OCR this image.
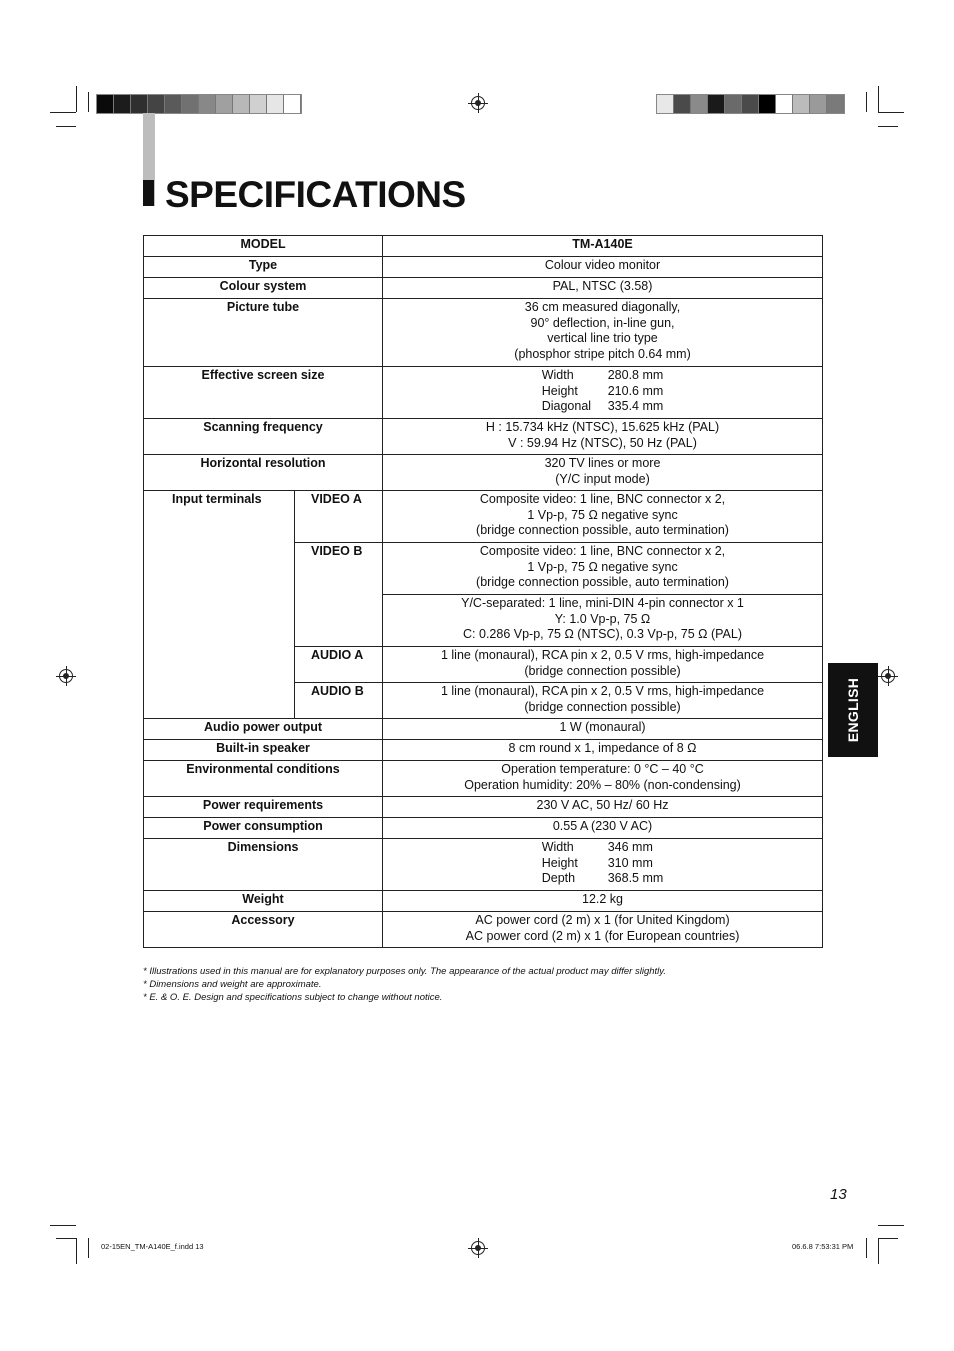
SPECIFICATIONS
MODEL		TM-A140E
Type		Colour video monitor
Colour system		PAL, NTSC (3.58)
Picture tube		36 cm measured diagonally,
90° deflection, in-line gun,
vertical line trio type
(phosphor stripe pitch 0.64 mm)

Effective screen size		Width 280.8 mm
Height 210.6 mm
Diagonal 335.4 mm

Scanning frequency		H : 15.734 kHz (NTSC), 15.625 kHz (PAL)
V : 59.94 Hz (NTSC), 50 Hz (PAL)

Horizontal resolution		320 TV lines or more
(Y/C input mode)

Input terminals	VIDEO A	Composite video: 1 line, BNC connector x 2,
1 Vp-p, 75 Ω negative sync
(bridge connection possible, auto termination)

	VIDEO B	Composite video: 1 line, BNC connector x 2,
1 Vp-p, 75 Ω negative sync
(bridge connection possible, auto termination)

		Y/C-separated: 1 line, mini-DIN 4-pin connector x 1
Y: 1.0 Vp-p, 75 Ω
C: 0.286 Vp-p, 75 Ω (NTSC), 0.3 Vp-p, 75 Ω (PAL)

	AUDIO A	1 line (monaural), RCA pin x 2, 0.5 V rms, high-impedance
(bridge connection possible)

	AUDIO B	1 line (monaural), RCA pin x 2, 0.5 V rms, high-impedance
(bridge connection possible)

Audio power output		1 W (monaural)
Built-in speaker		8 cm round x 1, impedance of 8 Ω
Environmental conditions		Operation temperature: 0 °C – 40 °C
Operation humidity: 20% – 80% (non-condensing)

Power requirements		230 V AC, 50 Hz/ 60 Hz
Power consumption		0.55 A (230 V AC)
Dimensions		Width 346 mm
Height 310 mm
Depth 368.5 mm

Weight		12.2 kg
Accessory		AC power cord (2 m) x 1 (for United Kingdom)
AC power cord (2 m) x 1 (for European countries)
* Illustrations used in this manual are for explanatory purposes only. The appearance of the actual product may differ slightly.
* Dimensions and weight are approximate.
* E. & O. E. Design and specifications subject to change without notice.
ENGLISH
13
02-15EN_TM-A140E_f.indd 13	06.6.8 7:53:31 PM
